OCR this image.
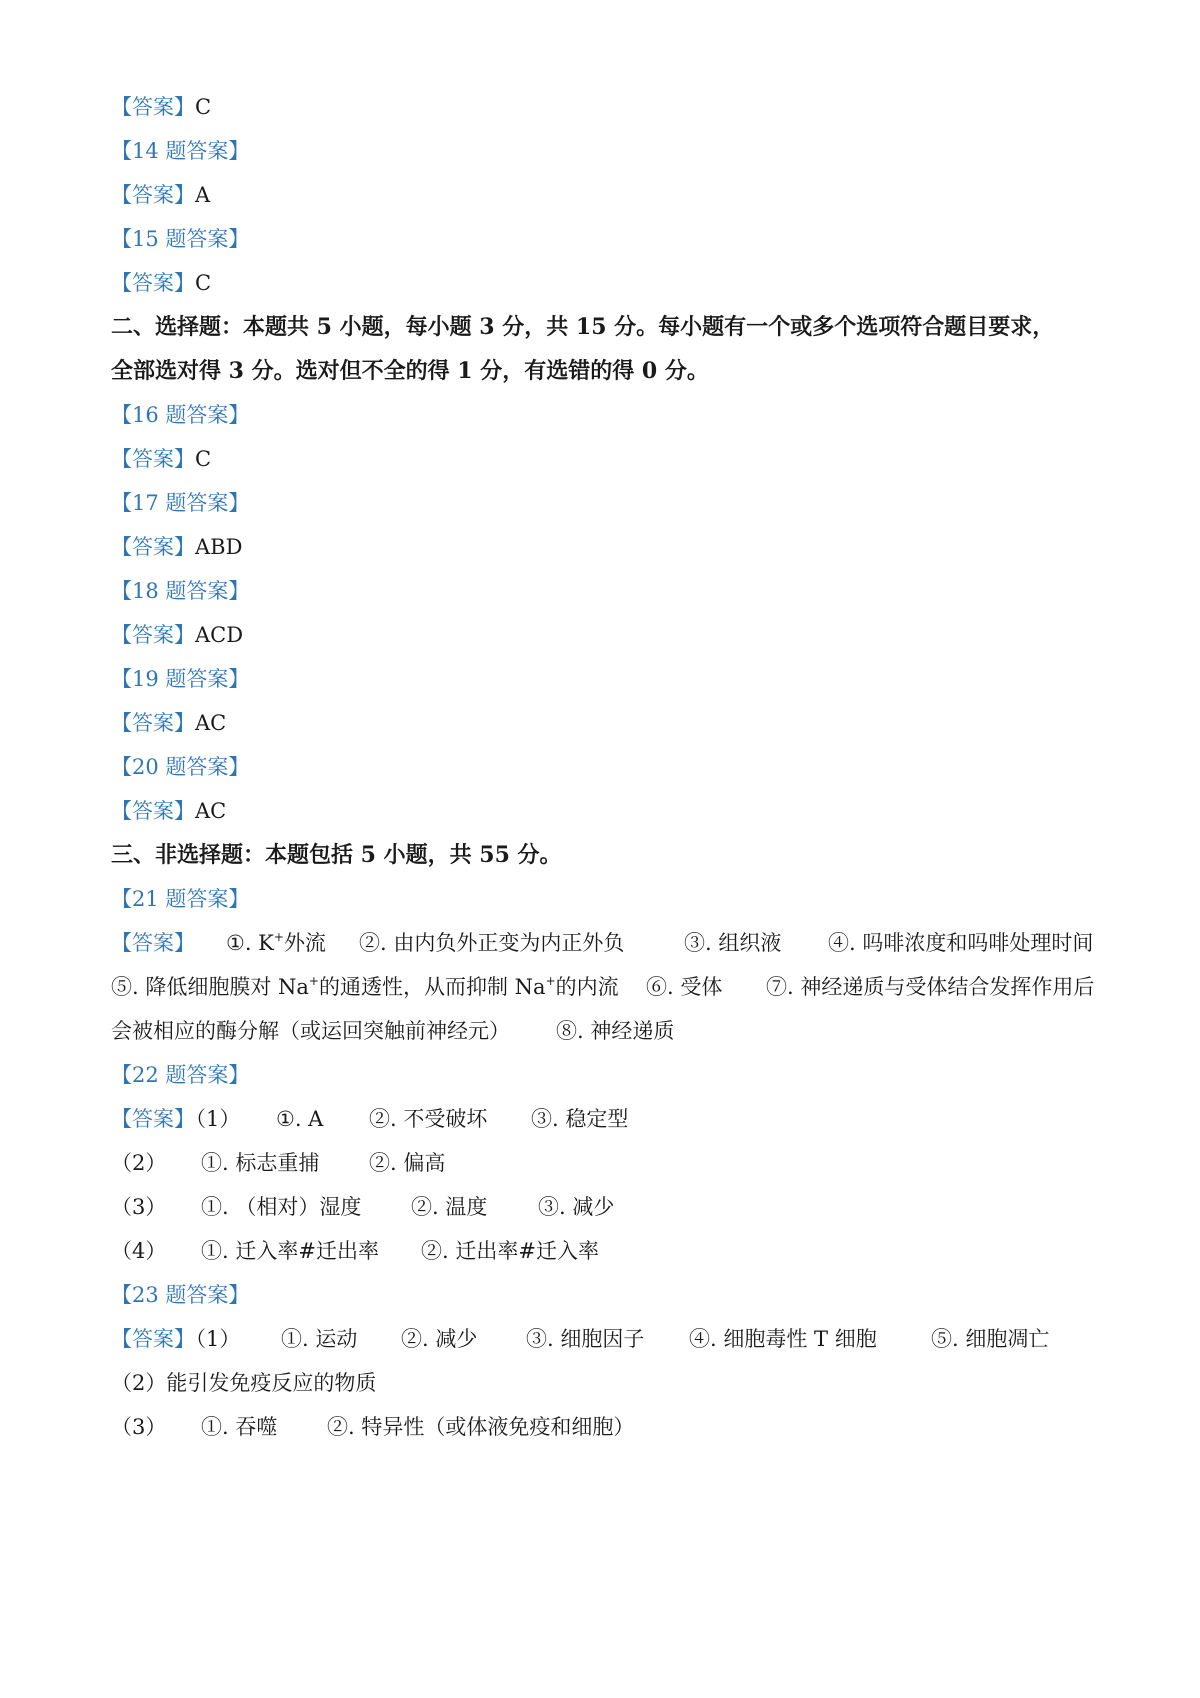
【答案】C
【14 题答案】
【答案】A
【15 题答案】
【答案】C
二、选择题：本题共 5 小题，每小题 3 分，共 15 分。每小题有一个或多个选项符合题目要求，
全部选对得 3 分。选对但不全的得 1 分，有选错的得 0 分。
【16 题答案】
【答案】C
【17 题答案】
【答案】ABD
【18 题答案】
【答案】ACD
【19 题答案】
【答案】AC
【20 题答案】
【答案】AC
三、非选择题：本题包括 5 小题，共 55 分。
【21 题答案】
【答案】 ①. K+外流 ②. 由内负外正变为内正外负	③. 组织液 ④. 吗啡浓度和吗啡处理时间
⑤. 降低细胞膜对 Na+的通透性，从而抑制 Na+的内流 ⑥. 受体 ⑦. 神经递质与受体结合发挥作用后
会被相应的酶分解（或运回突触前神经元） ⑧. 神经递质
【22 题答案】
【答案】
（1） ①. A ②. 不受破坏 ③. 稳定型
（2） ①. 标志重捕 ②. 偏高
（3） ①. （相对）湿度 ②. 温度 ③. 减少
（4） ①. 迁入率#迁出率 ②. 迁出率#迁入率
【23 题答案】
【答案】
（1） ①. 运动 ②. 减少 ③. 细胞因子 ④. 细胞毒性 T 细胞	⑤. 细胞凋亡
（2）能引发免疫反应的物质
（3） ①. 吞噬 ②. 特异性（或体液免疫和细胞）
